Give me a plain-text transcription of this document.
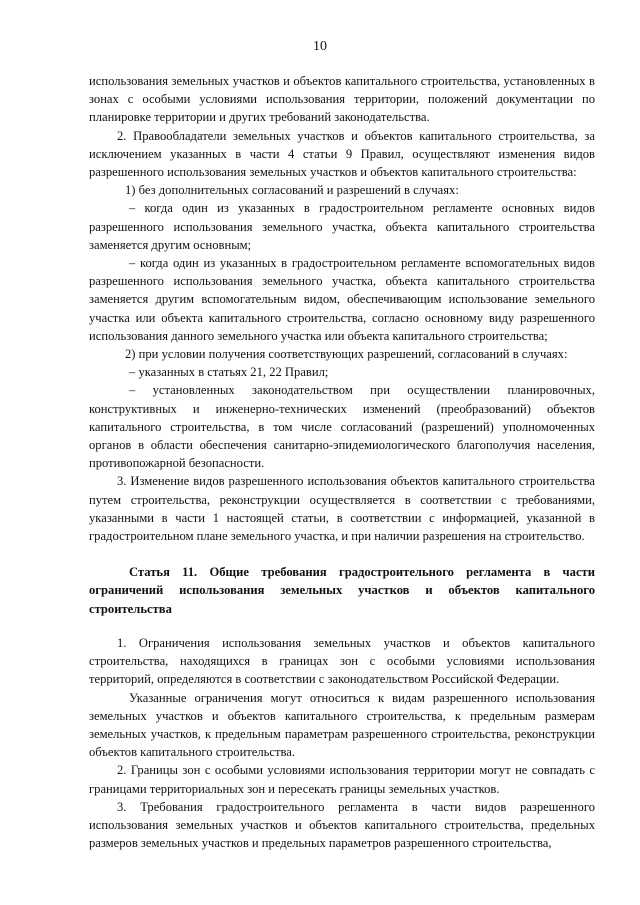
10

использования земельных участков и объектов капитального строительства, установленных в зонах с особыми условиями использования территории, положений документации по планировке территории и других требований законодательства.

2. Правообладатели земельных участков и объектов капитального строительства, за исключением указанных в части 4 статьи 9 Правил, осуществляют изменения видов разрешенного использования земельных участков и объектов капитального строительства:

1) без дополнительных согласований и разрешений в случаях:

– когда один из указанных в градостроительном регламенте основных видов разрешенного использования земельного участка, объекта капитального строительства заменяется другим основным;

– когда один из указанных в градостроительном регламенте вспомогательных видов разрешенного использования земельного участка, объекта капитального строительства заменяется другим вспомогательным видом, обеспечивающим использование земельного участка или объекта капитального строительства, согласно основному виду разрешенного использования данного земельного участка или объекта капитального строительства;

2) при условии получения соответствующих разрешений, согласований в случаях:

– указанных в статьях 21, 22 Правил;

– установленных законодательством при осуществлении планировочных, конструктивных и инженерно-технических изменений (преобразований) объектов капитального строительства, в том числе согласований (разрешений) уполномоченных органов в области обеспечения санитарно-эпидемиологического благополучия населения, противопожарной безопасности.

3. Изменение видов разрешенного использования объектов капитального строительства путем строительства, реконструкции осуществляется в соответствии с требованиями, указанными в части 1 настоящей статьи, в соответствии с информацией, указанной в градостроительном плане земельного участка, и при наличии разрешения на строительство.

Статья 11. Общие требования градостроительного регламента в части ограничений использования земельных участков и объектов капитального строительства

1. Ограничения использования земельных участков и объектов капитального строительства, находящихся в границах зон с особыми условиями использования территорий, определяются в соответствии с законодательством Российской Федерации.

Указанные ограничения могут относиться к видам разрешенного использования земельных участков и объектов капитального строительства, к предельным размерам земельных участков, к предельным параметрам разрешенного строительства, реконструкции объектов капитального строительства.

2. Границы зон с особыми условиями использования территории могут не совпадать с границами территориальных зон и пересекать границы земельных участков.

3. Требования градостроительного регламента в части видов разрешенного использования земельных участков и объектов капитального строительства, предельных размеров земельных участков и предельных параметров разрешенного строительства,
